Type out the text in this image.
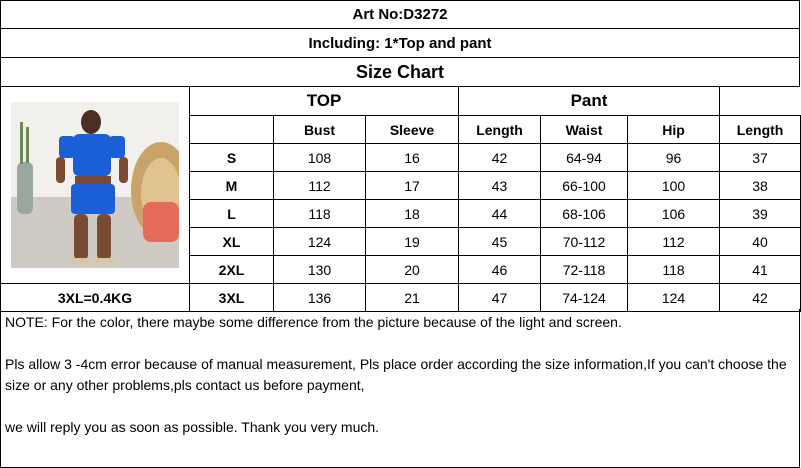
Art No:D3272
Including: 1*Top and pant
Size Chart
	TOP			Pant			
		Bust	Sleeve	Length	Waist	Hip	Length
	S	108	16	42	64-94	96	37
	M	112	17	43	66-100	100	38
	L	118	18	44	68-106	106	39
	XL	124	19	45	70-112	112	40
	2XL	130	20	46	72-118	118	41
3XL=0.4KG	3XL	136	21	47	74-124	124	42

NOTE: For the color, there maybe some difference from the picture because of the light and screen.

Pls allow 3 -4cm error because of manual measurement, Pls place order according the size information,If you can't choose the size or any other problems,pls contact us before payment,

we will reply you as soon as possible. Thank you very much.
